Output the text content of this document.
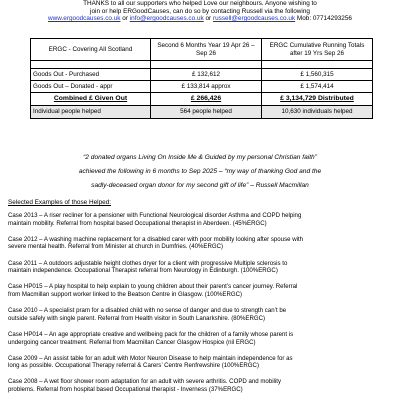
THANKS to all our supporters who helped Love our neighbours. Anyone wishing to
join or help ERGoodCauses, can do so by contacting Russell via the following
www.ergoodcauses.co.uk or info@ergoodcauses.co.uk or russell@ergoodcauses.co.uk Mob: 07714293256
ERGC - Covering All Scotland	Second 6 Months Year 19 Apr 26 – Sep 26	ERGC Cumulative Running Totals after 19 Yrs Sep 26

Goods Out - Purchased	£ 132,612	£ 1,560,315
Goods Out – Donated - appr	£ 133,814 approx	£ 1,574,414
Combined £ Given Out	£ 266,426	£ 3,134,729 Distributed
Individual people helped	564 people helped	10,630 individuals helped
“2 donated organs Living On Inside Me & Guided by my personal Christian faith”
achieved the following in 6 months to Sep 2025 – “my way of thanking God and the
sadly-deceased organ donor for my second gift of life” – Russell Macmillan
Selected Examples of those Helped:
Case 2013 – A riser recliner for a pensioner with Functional Neurological disorder Asthma and COPD helping
maintain mobility. Referral from hospital based Occupational therapist in Aberdeen. (45%ERGC)
Case 2012 – A washing machine replacement for a disabled carer with poor mobility looking after spouse with
severe mental health. Referral from Minister at church in Dumfries. (40%ERGC)
Case 2011 – A outdoors adjustable height clothes dryer for a client with progressive Multiple sclerosis to
maintain independence. Occupational Therapist referral from Neurology in Edinburgh. (100%ERGC)
Case HP015 – A play hospital to help explain to young children about their parent’s cancer journey. Referral
from Macmillan support worker linked to the Beatson Centre in Glasgow. (100%ERGC)
Case 2010 – A specialist pram for a disabled child with no sense of danger and due to strength can’t be
outside safely with single parent. Referral from Health visitor in South Lanarkshire. (80%ERGC)
Case HP014 – An age appropriate creative and wellbeing pack for the children of a family whose parent is
undergoing cancer treatment. Referral from Macmillan Cancer Glasgow Hospice (nil ERGC)
Case 2009 – An assist table for an adult with Motor Neuron Disease to help maintain independence for as
long as possible. Occupational Therapy referral & Carers’ Centre Renfrewshire (100%ERGC)
Case 2008 – A wet floor shower room adaptation for an adult with severe arthritis. COPD and mobility
problems. Referral from hospital based Occupational therapist - Inverness (37%ERGC)
